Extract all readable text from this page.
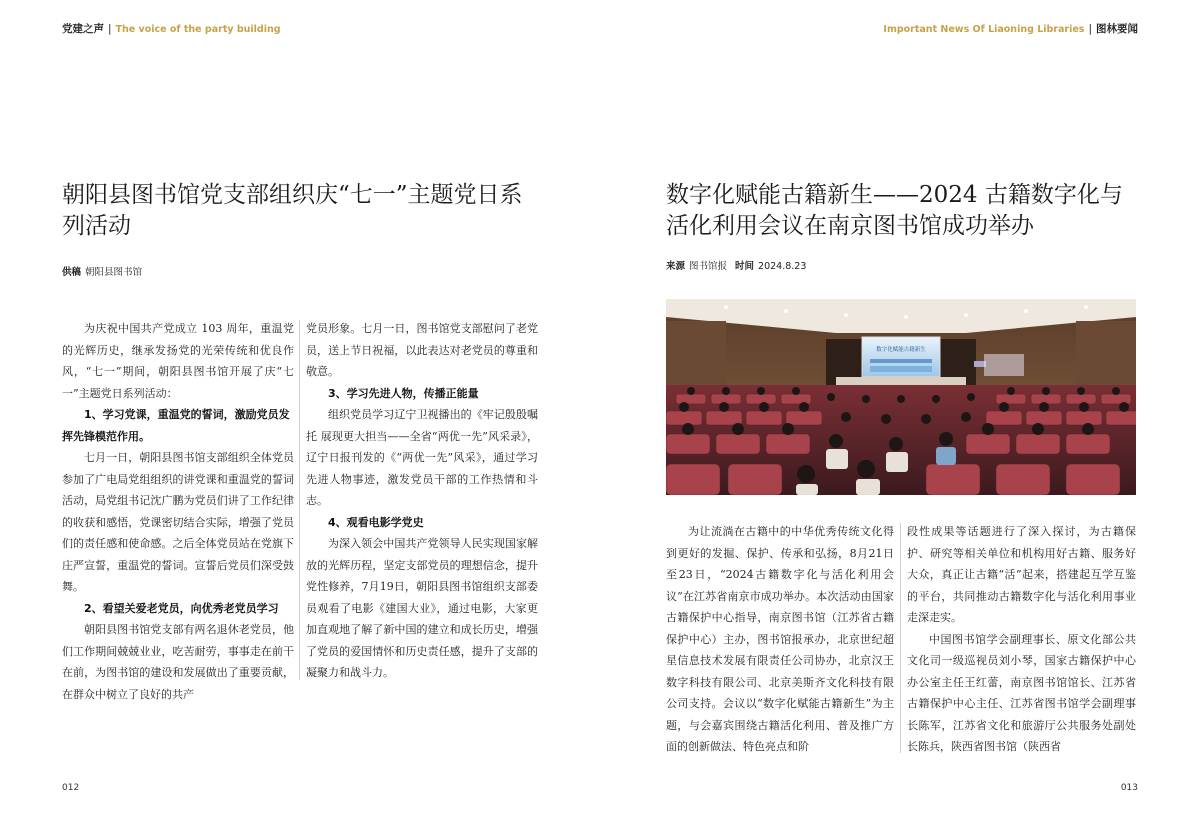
党建之声 | The voice of the party building	Important News Of Liaoning Libraries | 图林要闻
朝阳县图书馆党支部组织庆“七一”主题党日系列活动
供稿 朝阳县图书馆

为庆祝中国共产党成立 103 周年，重温党的光辉历史，继承发扬党的光荣传统和优良作风，“七一”期间，朝阳县图书馆开展了庆“七一”主题党日系列活动：

1、学习党课，重温党的誓词，激励党员发挥先锋模范作用。

七月一日，朝阳县图书馆支部组织全体党员参加了广电局党组组织的讲党课和重温党的誓词活动，局党组书记沈广鹏为党员们讲了工作纪律的收获和感悟，党课密切结合实际，增强了党员们的责任感和使命感。之后全体党员站在党旗下庄严宣誓，重温党的誓词。宣誓后党员们深受鼓舞。

2、看望关爱老党员，向优秀老党员学习

朝阳县图书馆党支部有两名退休老党员，他们工作期间兢兢业业，吃苦耐劳，事事走在前干在前，为图书馆的建设和发展做出了重要贡献，在群众中树立了良好的共产

党员形象。七月一日，图书馆党支部慰问了老党员，送上节日祝福，以此表达对老党员的尊重和敬意。

3、学习先进人物，传播正能量

组织党员学习辽宁卫视播出的《牢记殷殷嘱托 展现更大担当——全省“两优一先”风采录》，辽宁日报刊发的《“两优一先”风采》，通过学习先进人物事迹，激发党员干部的工作热情和斗志。

4、观看电影学党史

为深入领会中国共产党领导人民实现国家解放的光辉历程，坚定支部党员的理想信念，提升党性修养，7月19日，朝阳县图书馆组织支部委员观看了电影《建国大业》，通过电影，大家更加直观地了解了新中国的建立和成长历史，增强了党员的爱国情怀和历史责任感，提升了支部的凝聚力和战斗力。

012
数字化赋能古籍新生——2024 古籍数字化与活化利用会议在南京图书馆成功举办
来源 图书馆报 时间 2024.8.23
数字化赋能古籍新生

为让流淌在古籍中的中华优秀传统文化得到更好的发掘、保护、传承和弘扬，8月21日至23日，“2024古籍数字化与活化利用会议”在江苏省南京市成功举办。本次活动由国家古籍保护中心指导，南京图书馆（江苏省古籍保护中心）主办，图书馆报承办，北京世纪超星信息技术发展有限责任公司协办，北京汉王数字科技有限公司、北京美斯齐文化科技有限公司支持。会议以“数字化赋能古籍新生”为主题，与会嘉宾围绕古籍活化利用、普及推广方面的创新做法、特色亮点和阶

段性成果等话题进行了深入探讨，为古籍保护、研究等相关单位和机构用好古籍、服务好大众，真正让古籍“活”起来，搭建起互学互鉴的平台，共同推动古籍数字化与活化利用事业走深走实。

中国图书馆学会副理事长、原文化部公共文化司一级巡视员刘小琴，国家古籍保护中心办公室主任王红蕾，南京图书馆馆长、江苏省古籍保护中心主任、江苏省图书馆学会副理事长陈军，江苏省文化和旅游厅公共服务处副处长陈兵，陕西省图书馆（陕西省

013
